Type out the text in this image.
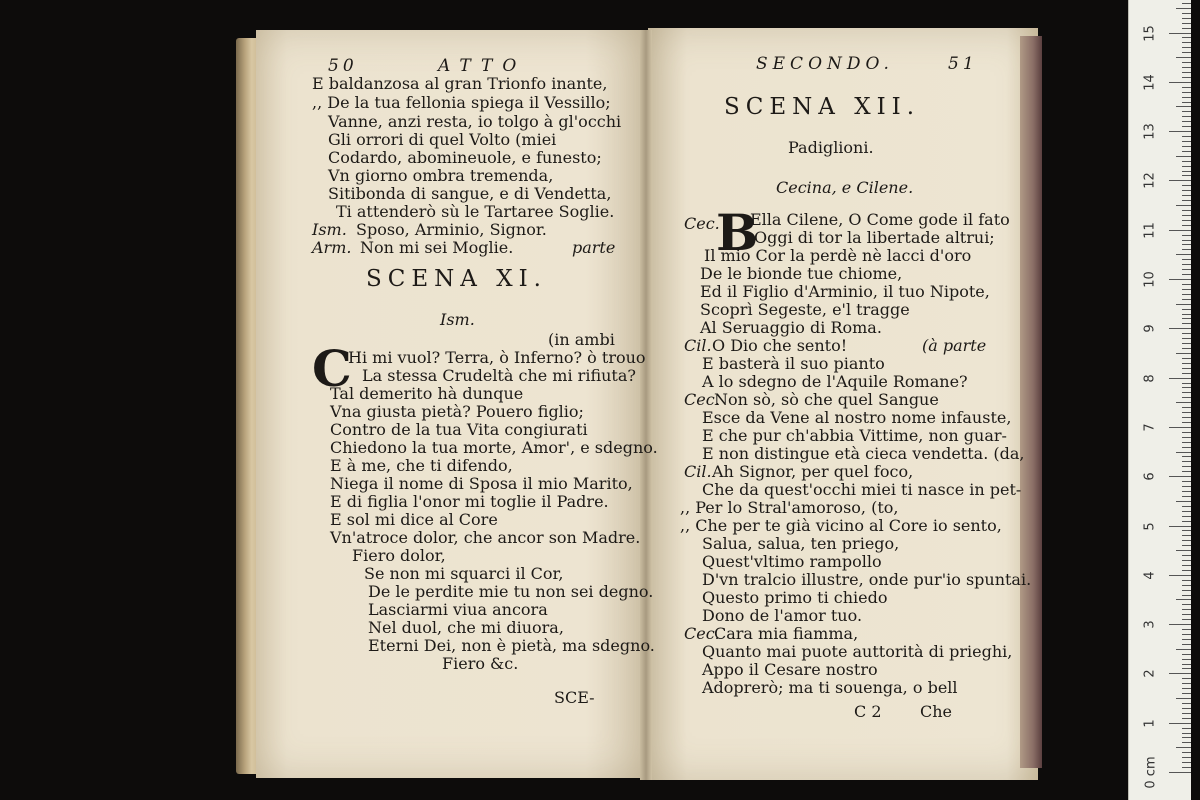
50	ATTO
E baldanzosa al gran Trionfo inante,
,, De la tua fellonia spiega il Vessillo;
Vanne, anzi resta, io tolgo à gl'occhi
Gli orrori di quel Volto (miei
Codardo, abomineuole, e funesto;
Vn giorno ombra tremenda,
Sitibonda di sangue, e di Vendetta,
Ti attenderò sù le Tartaree Soglie.
Ism. Sposo, Arminio, Signor.
Arm. Non mi sei Moglie.	parte
SCENA XI.
Ism.
(in ambi
C
Hi mi vuol? Terra, ò Inferno? ò trouo
La stessa Crudeltà che mi rifiuta?
Tal demerito hà dunque
Vna giusta pietà? Pouero figlio;
Contro de la tua Vita congiurati
Chiedono la tua morte, Amor', e sdegno.
E à me, che ti difendo,
Niega il nome di Sposa il mio Marito,
E di figlia l'onor mi toglie il Padre.
E sol mi dice al Core
Vn'atroce dolor, che ancor son Madre.
Fiero dolor,
Se non mi squarci il Cor,
De le perdite mie tu non sei degno.
Lasciarmi viua ancora
Nel duol, che mi diuora,
Eterni Dei, non è pietà, ma sdegno.
Fiero &c.
SCE-
SECONDO.	51
SCENA XII.
Padiglioni.
Cecina, e Cilene.
Cec.
B
Ella Cilene, O Come gode il fato
Oggi di tor la libertade altrui;
Il mio Cor la perdè nè lacci d'oro
De le bionde tue chiome,
Ed il Figlio d'Arminio, il tuo Nipote,
Scoprì Segeste, e'l tragge
Al Seruaggio di Roma.
Cil. O Dio che sento!	(à parte
E basterà il suo pianto
A lo sdegno de l'Aquile Romane?
Cec.
Non sò, sò che quel Sangue
Esce da Vene al nostro nome infauste,
E che pur ch'abbia Vittime, non guar-
E non distingue età cieca vendetta. (da,
Cil. Ah Signor, per quel foco,
Che da quest'occhi miei ti nasce in pet-
,, Per lo Stral'amoroso, (to,
,, Che per te già vicino al Core io sento,
Salua, salua, ten priego,
Quest'vltimo rampollo
D'vn tralcio illustre, onde pur'io spuntai.
Questo primo ti chiedo
Dono de l'amor tuo.
Cec.
Cara mia fiamma,
Quanto mai puote auttorità di prieghi,
Appo il Cesare nostro
Adoprerò; ma ti souenga, o bell
C 2 Che
0 cm
1
2
3
4
5
6
7
8
9
10
11
12
13
14
15
